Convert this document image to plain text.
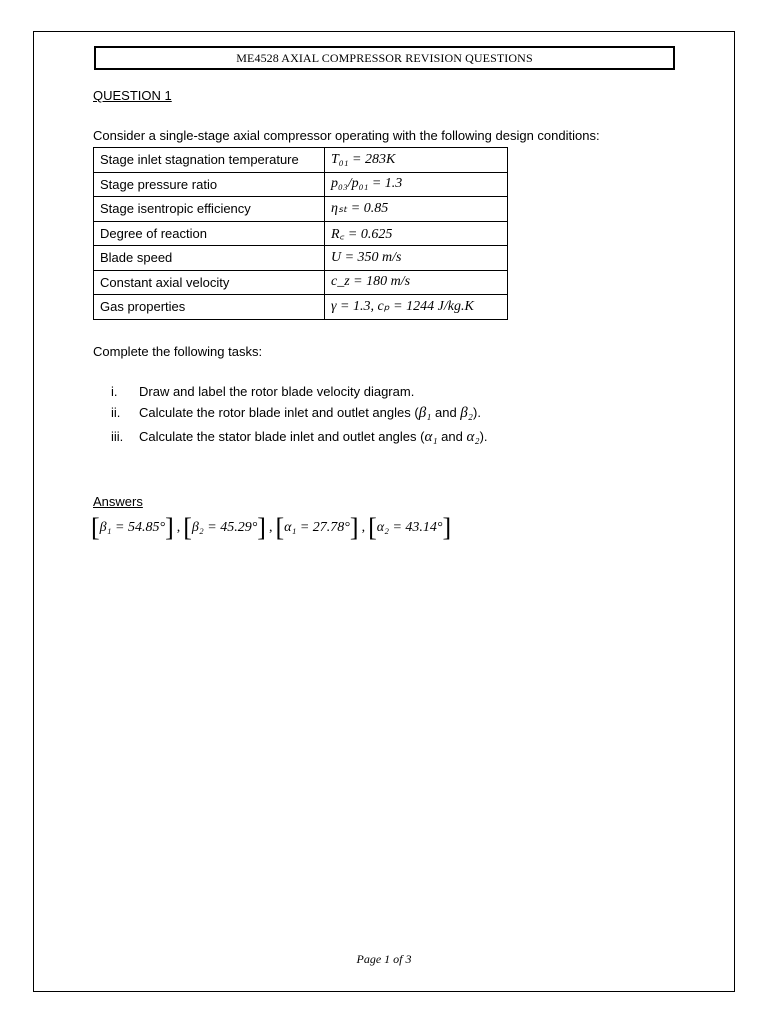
ME4528 AXIAL COMPRESSOR REVISION QUESTIONS
QUESTION 1
Consider a single-stage axial compressor operating with the following design conditions:
Stage inlet stagnation temperature	T₀₁ = 283K
Stage pressure ratio	p₀₃/p₀₁ = 1.3
Stage isentropic efficiency	ηₛₜ = 0.85
Degree of reaction	R꜀ = 0.625
Blade speed	U = 350 m/s
Constant axial velocity	c_z = 180 m/s
Gas properties	γ = 1.3, cₚ = 1244 J/kg.K
Complete the following tasks:
i.	Draw and label the rotor blade velocity diagram.
ii.	Calculate the rotor blade inlet and outlet angles (β₁ and β₂).
iii.	Calculate the stator blade inlet and outlet angles (α₁ and α₂).
Answers
[ β₁ = 54.85° ] , [ β₂ = 45.29° ] , [ α₁ = 27.78° ] , [ α₂ = 43.14° ]
Page 1 of 3
